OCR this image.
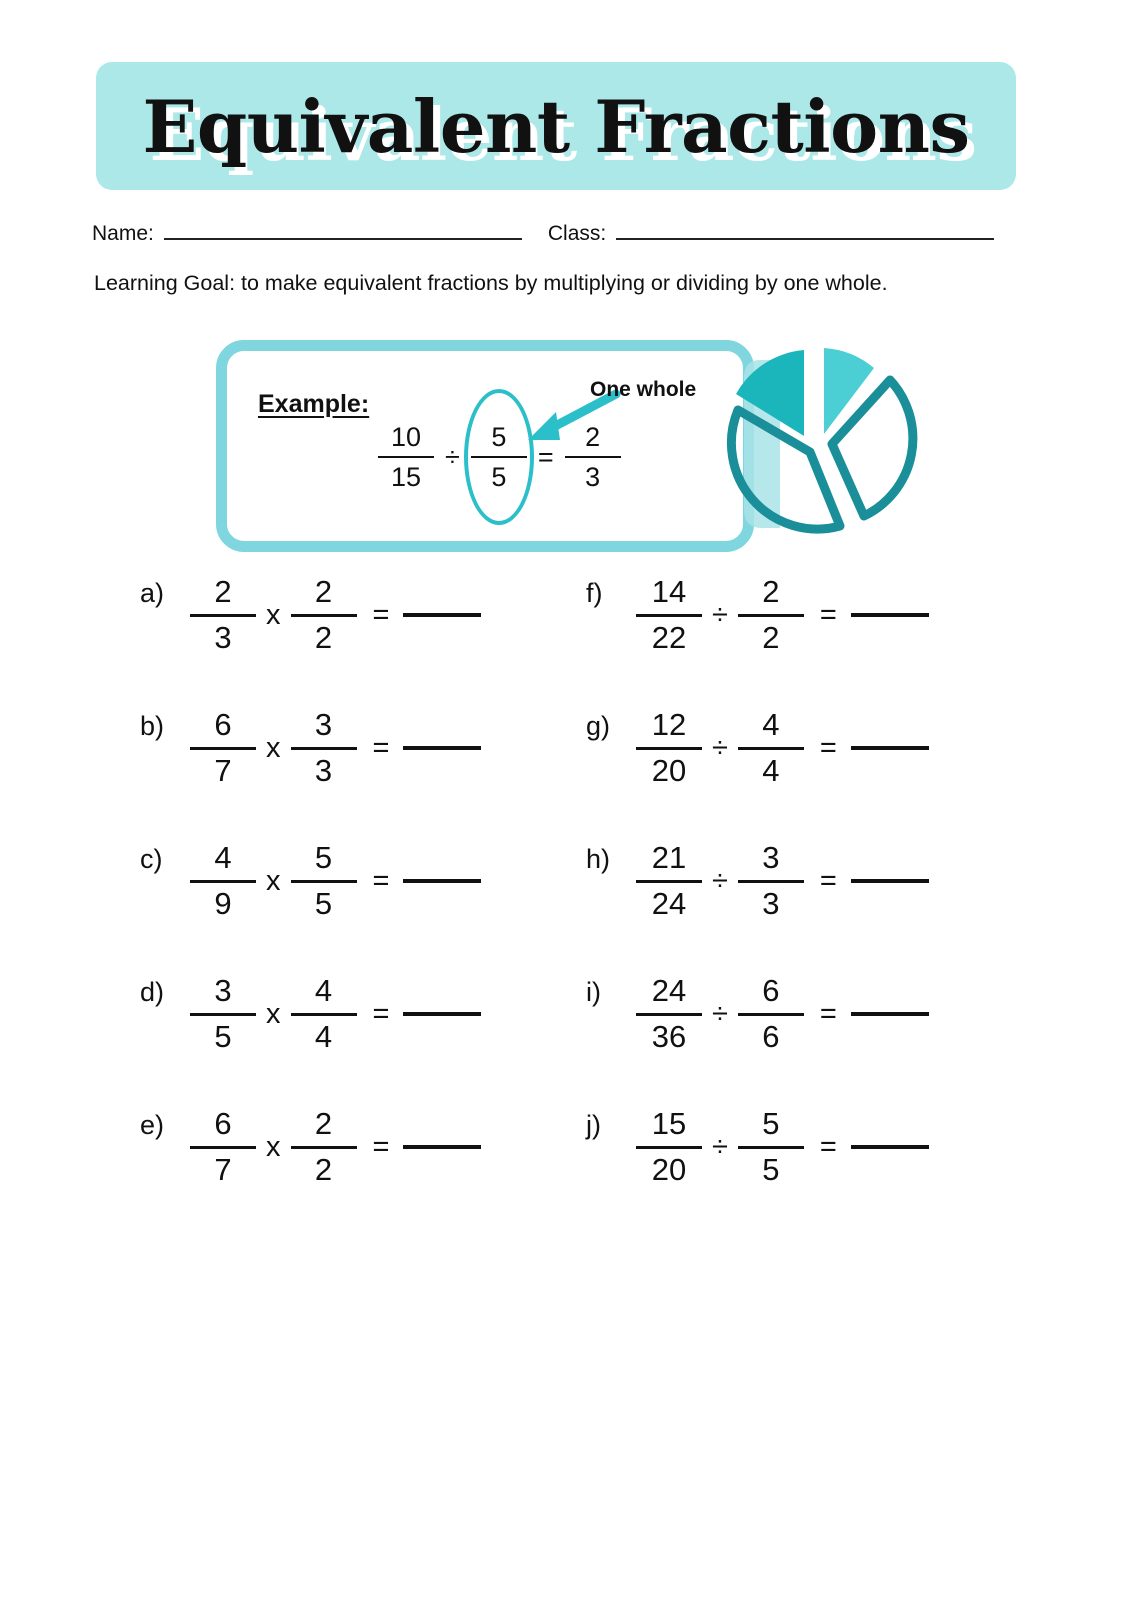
Equivalent Fractions
Name:	Class:
Learning Goal: to make equivalent fractions by multiplying or dividing by one whole.
Example:
$\frac{10}{15} \div \frac{5}{5} = \frac{2}{3}$
One whole
$a) \frac{2}{3}$ x $\frac{2}{2}$ =
f)	$\frac{14}{22} \div \frac{2}{2}$ =
$b) \frac{6}{7}$ x $\frac{3}{3}$ =
$g) \frac{12}{20} \div \frac{4}{4}$ =
$c) \frac{4}{9}$ x $\frac{5}{5}$ =
$h) \frac{21}{24} \div \frac{3}{3}$ =
$d) \frac{3}{5}$ x $\frac{4}{4}$ =
i)	$\frac{24}{36} \div \frac{6}{6}$ =
$e) \frac{6}{7}$ x $\frac{2}{2}$ =
j)	$\frac{15}{20} \div \frac{5}{5}$ =
